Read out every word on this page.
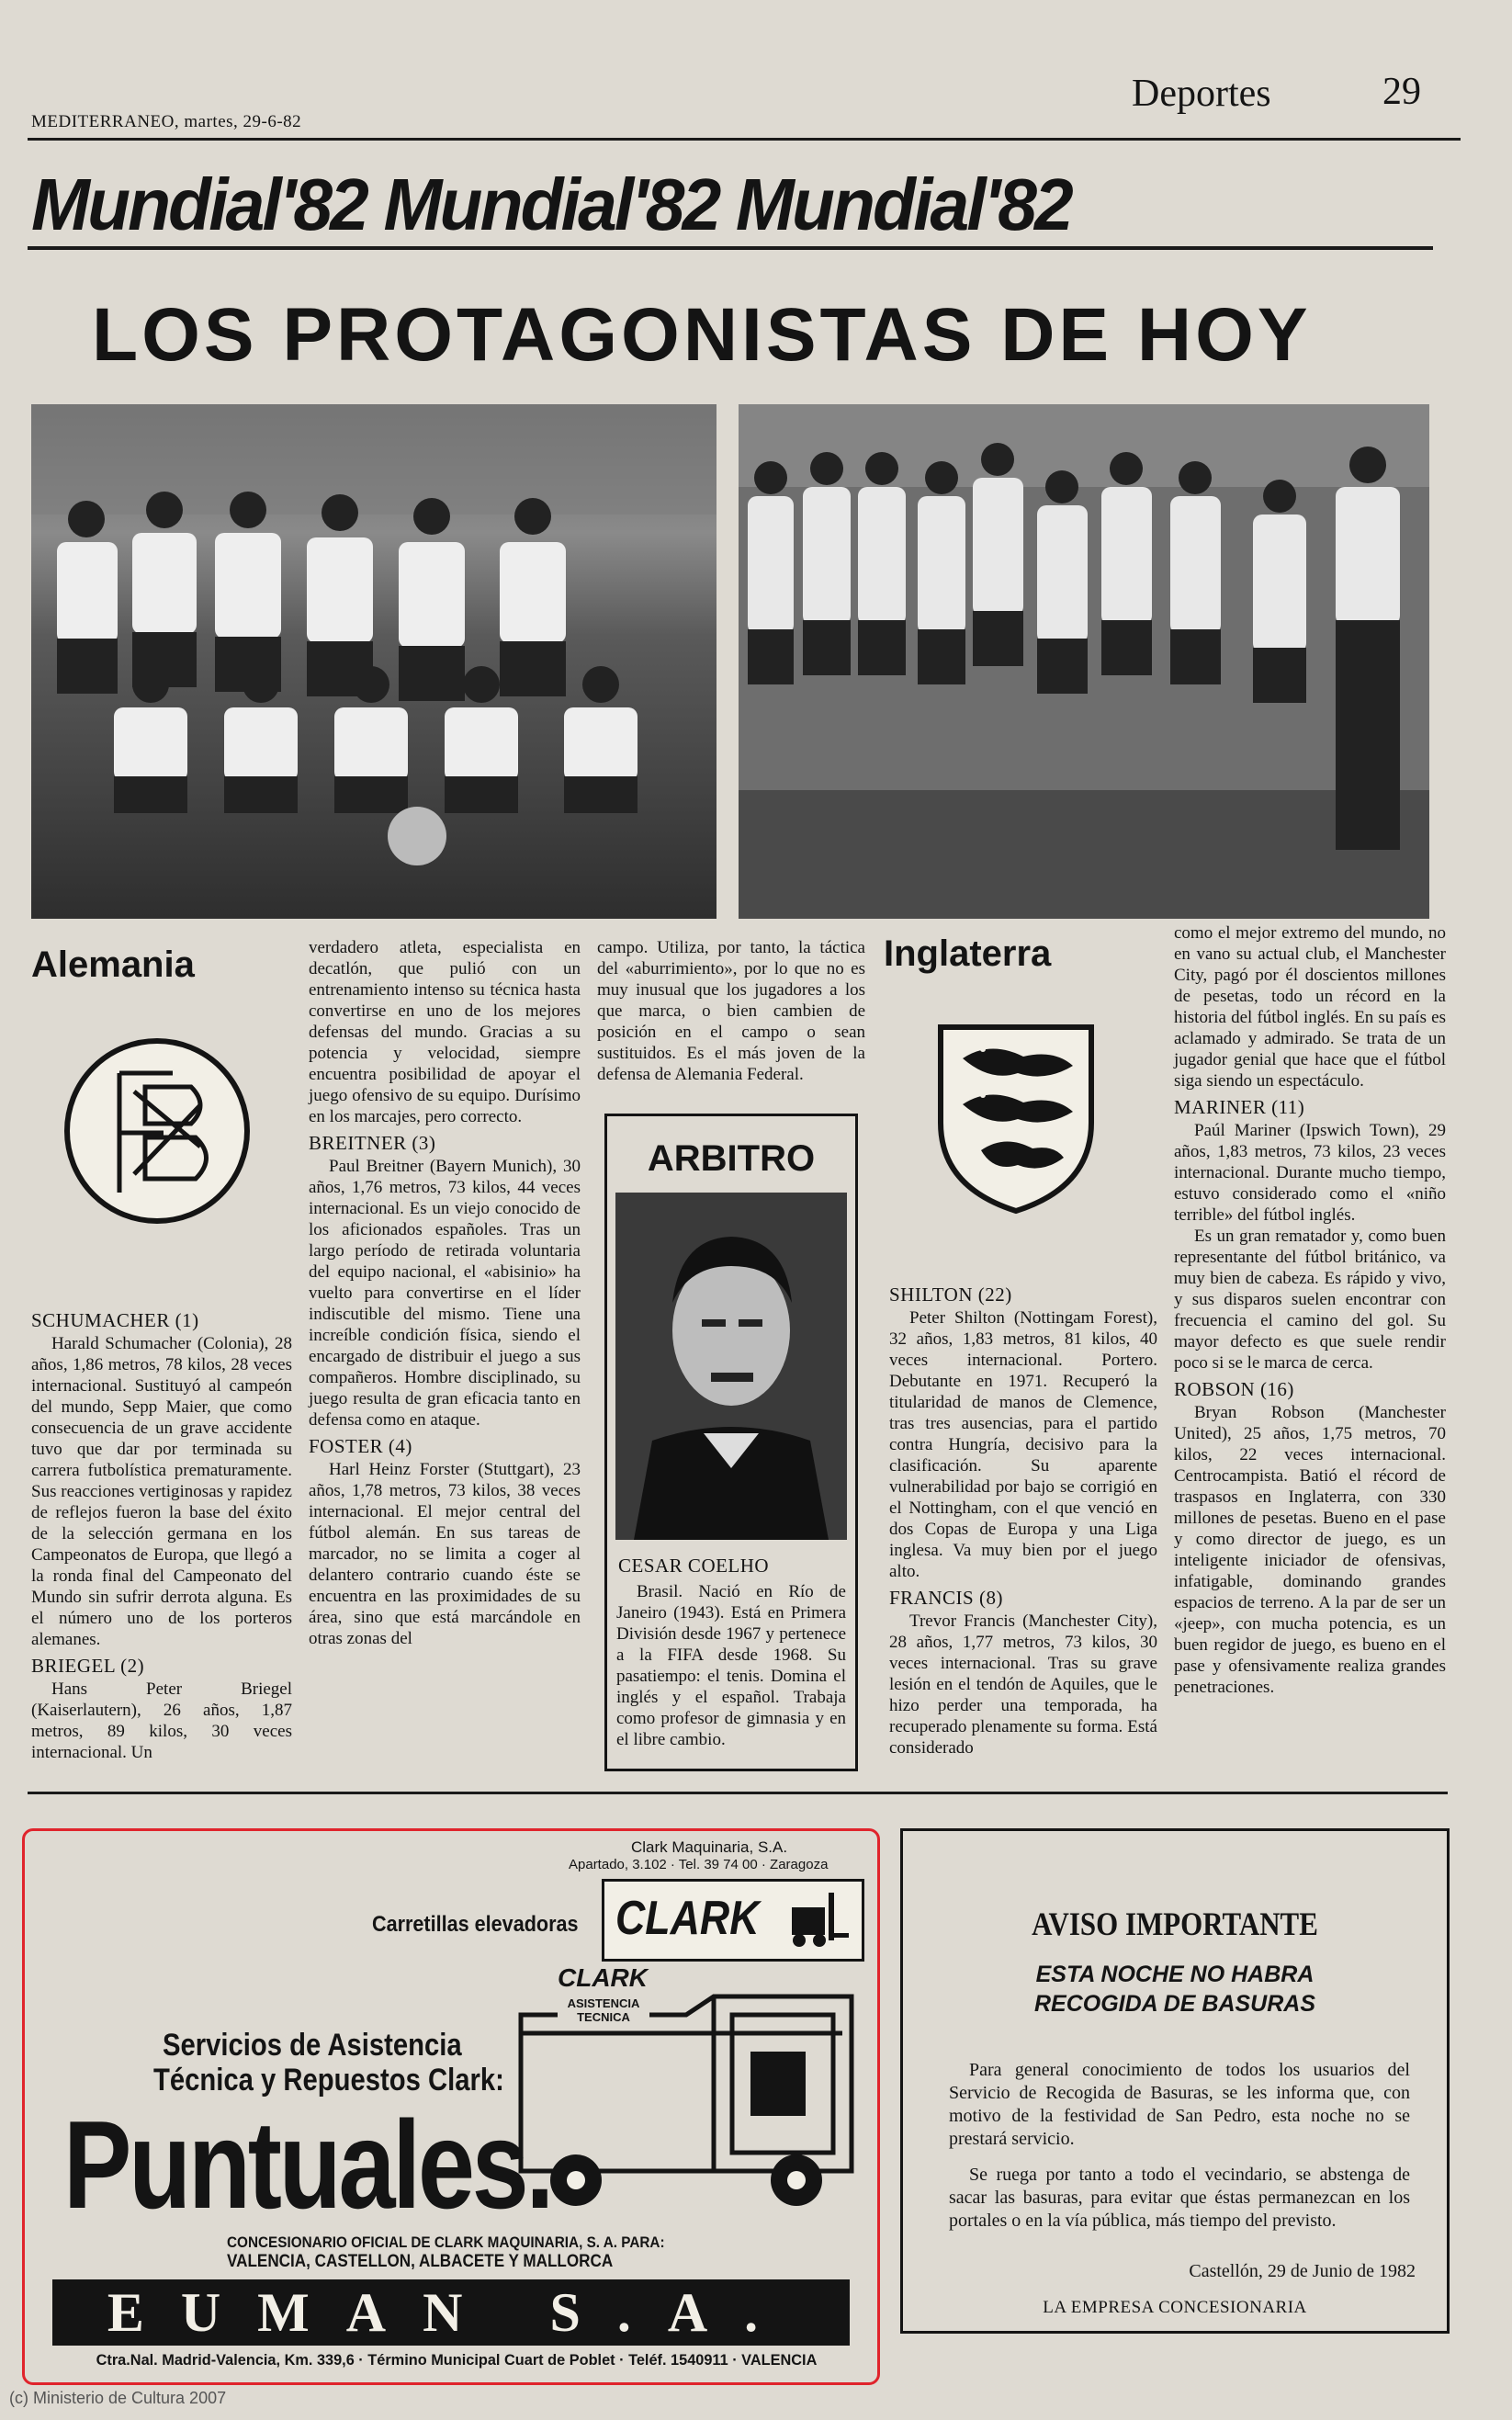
MEDITERRANEO, martes, 29-6-82
Deportes	29
Mundial'82 Mundial'82 Mundial'82
LOS PROTAGONISTAS DE HOY
Alemania

SCHUMACHER (1)

Harald Schumacher (Colonia), 28 años, 1,86 metros, 78 kilos, 28 veces internacional. Sustituyó al campeón del mundo, Sepp Maier, que como consecuencia de un grave accidente tuvo que dar por terminada su carrera futbolística prematuramente. Sus reacciones vertiginosas y rapidez de reflejos fueron la base del éxito de la selección germana en los Campeonatos de Europa, que llegó a la ronda final del Campeonato del Mundo sin sufrir derrota alguna. Es el número uno de los porteros alemanes.

BRIEGEL (2)

Hans Peter Briegel (Kaiserlautern), 26 años, 1,87 metros, 89 kilos, 30 veces internacional. Un

verdadero atleta, especialista en decatlón, que pulió con un entrenamiento intenso su técnica hasta convertirse en uno de los mejores defensas del mundo. Gracias a su potencia y velocidad, siempre encuentra posibilidad de apoyar el juego ofensivo de su equipo. Durísimo en los marcajes, pero correcto.

BREITNER (3)

Paul Breitner (Bayern Munich), 30 años, 1,76 metros, 73 kilos, 44 veces internacional. Es un viejo conocido de los aficionados españoles. Tras un largo período de retirada voluntaria del equipo nacional, el «abisinio» ha vuelto para convertirse en el líder indiscutible del mismo. Tiene una increíble condición física, siendo el encargado de distribuir el juego a sus compañeros. Hombre disciplinado, su juego resulta de gran eficacia tanto en defensa como en ataque.

FOSTER (4)

Harl Heinz Forster (Stuttgart), 23 años, 1,78 metros, 73 kilos, 38 veces internacional. El mejor central del fútbol alemán. En sus tareas de marcador, no se limita a coger al delantero contrario cuando éste se encuentra en las proximidades de su área, sino que está marcándole en otras zonas del

campo. Utiliza, por tanto, la táctica del «aburrimiento», por lo que no es muy inusual que los jugadores a los que marca, o bien cambien de posición en el campo o sean sustituidos. Es el más joven de la defensa de Alemania Federal.

ARBITRO
CESAR COELHO

Brasil. Nació en Río de Janeiro (1943). Está en Primera División desde 1967 y pertenece a la FIFA desde 1968. Su pasatiempo: el tenis. Domina el inglés y el español. Trabaja como profesor de gimnasia y en el libre cambio.

Inglaterra

SHILTON (22)

Peter Shilton (Nottingam Forest), 32 años, 1,83 metros, 81 kilos, 40 veces internacional. Portero. Debutante en 1971. Recuperó la titularidad de manos de Clemence, tras tres ausencias, para el partido contra Hungría, decisivo para la clasificación. Su aparente vulnerabilidad por bajo se corrigió en el Nottingham, con el que venció en dos Copas de Europa y una Liga inglesa. Va muy bien por el juego alto.

FRANCIS (8)

Trevor Francis (Manchester City), 28 años, 1,77 metros, 73 kilos, 30 veces internacional. Tras su grave lesión en el tendón de Aquiles, que le hizo perder una temporada, ha recuperado plenamente su forma. Está considerado

como el mejor extremo del mundo, no en vano su actual club, el Manchester City, pagó por él doscientos millones de pesetas, todo un récord en la historia del fútbol inglés. En su país es aclamado y admirado. Se trata de un jugador genial que hace que el fútbol siga siendo un espectáculo.

MARINER (11)

Paúl Mariner (Ipswich Town), 29 años, 1,83 metros, 73 kilos, 23 veces internacional. Durante mucho tiempo, estuvo considerado como el «niño terrible» del fútbol inglés.

Es un gran rematador y, como buen representante del fútbol británico, va muy bien de cabeza. Es rápido y vivo, y sus disparos suelen encontrar con frecuencia el camino del gol. Su mayor defecto es que suele rendir poco si se le marca de cerca.

ROBSON (16)

Bryan Robson (Manchester United), 25 años, 1,75 metros, 70 kilos, 22 veces internacional. Centrocampista. Batió el récord de traspasos en Inglaterra, con 330 millones de pesetas. Bueno en el pase y como director de juego, es un inteligente iniciador de ofensivas, infatigable, dominando grandes espacios de terreno. A la par de ser un «jeep», con mucha potencia, es un buen regidor de juego, es bueno en el pase y ofensivamente realiza grandes penetraciones.

Clark Maquinaria, S.A.
Apartado, 3.102 · Tel. 39 74 00 · Zaragoza
Carretillas elevadoras CLARK
CLARK
ASISTENCIA TECNICA
Servicios de Asistencia
Técnica y Repuestos Clark:
Puntuales.
CONCESIONARIO OFICIAL DE CLARK MAQUINARIA, S. A. PARA:
VALENCIA, CASTELLON, ALBACETE Y MALLORCA
EUMAN S.A.
Ctra.Nal. Madrid-Valencia, Km. 339,6 · Término Municipal Cuart de Poblet · Teléf. 1540911 · VALENCIA
AVISO IMPORTANTE
ESTA NOCHE NO HABRA
RECOGIDA DE BASURAS

Para general conocimiento de todos los usuarios del Servicio de Recogida de Basuras, se les informa que, con motivo de la festividad de San Pedro, esta noche no se prestará servicio.

Se ruega por tanto a todo el vecindario, se abstenga de sacar las basuras, para evitar que éstas permanezcan en los portales o en la vía pública, más tiempo del previsto.

Castellón, 29 de Junio de 1982
LA EMPRESA CONCESIONARIA
(c) Ministerio de Cultura 2007
